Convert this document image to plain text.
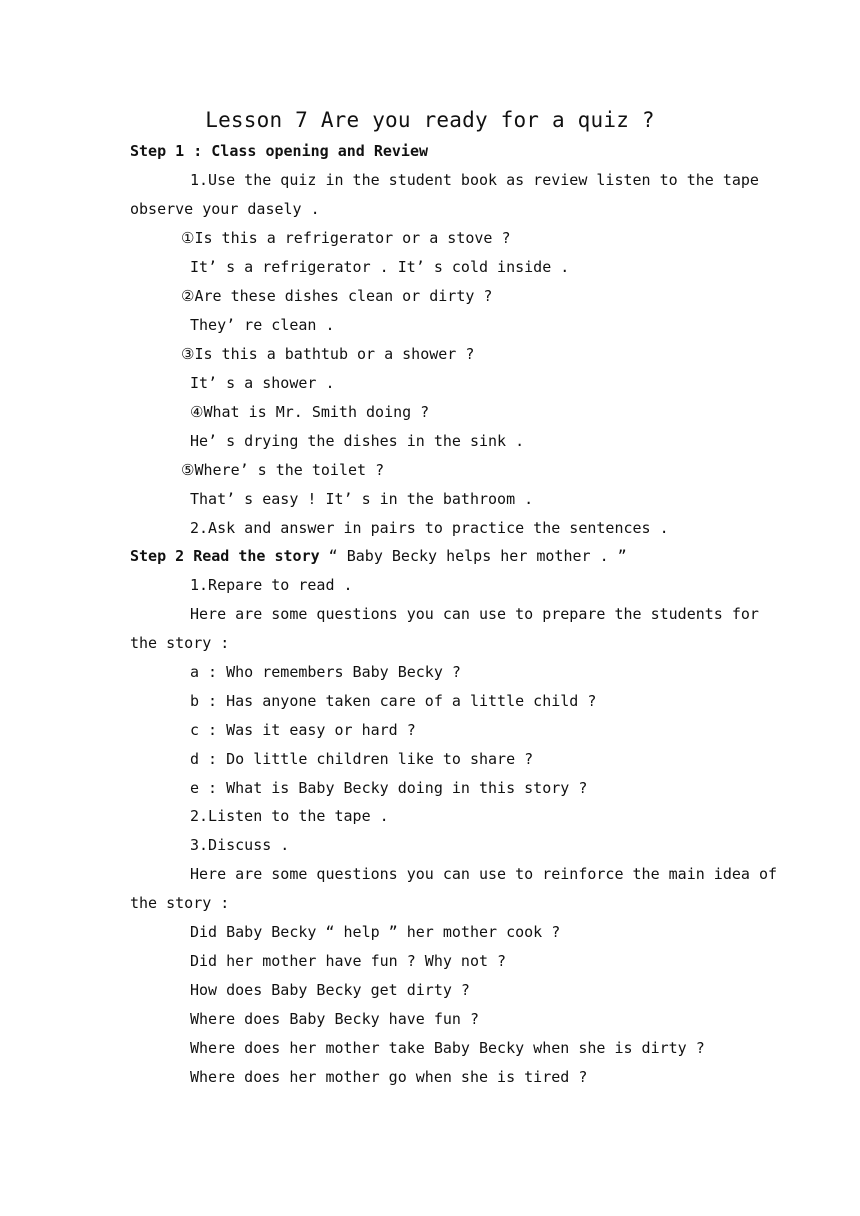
Lesson 7 Are you ready for a quiz ?
Step 1 : Class opening and Review
1.Use the quiz in the student book as review listen to the tape
observe your dasely .
①Is this a refrigerator or a stove ?
It’ s a refrigerator . It’ s cold inside .
②Are these dishes clean or dirty ?
They’ re clean .
③Is this a bathtub or a shower ?
It’ s a shower .
④What is Mr. Smith doing ?
He’ s drying the dishes in the sink .
⑤Where’ s the toilet ?
That’ s easy ! It’ s in the bathroom .
2.Ask and answer in pairs to practice the sentences .
Step 2 Read the story “ Baby Becky helps her mother . ”
1.Repare to read .
Here are some questions you can use to prepare the students for
the story :
a : Who remembers Baby Becky ?
b : Has anyone taken care of a little child ?
c : Was it easy or hard ?
d : Do little children like to share ?
e : What is Baby Becky doing in this story ?
2.Listen to the tape .
3.Discuss .
Here are some questions you can use to reinforce the main idea of
the story :
Did Baby Becky “ help ” her mother cook ?
Did her mother have fun ? Why not ?
How does Baby Becky get dirty ?
Where does Baby Becky have fun ?
Where does her mother take Baby Becky when she is dirty ?
Where does her mother go when she is tired ?
